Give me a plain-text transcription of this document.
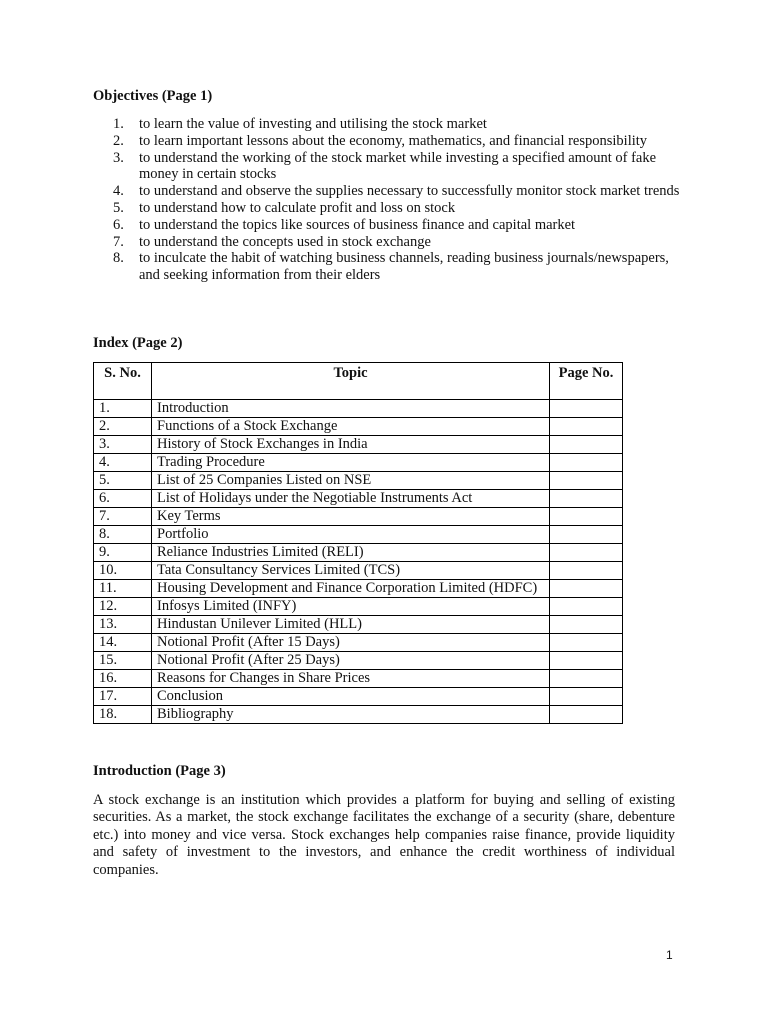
Objectives (Page 1)
1. to learn the value of investing and utilising the stock market
2. to learn important lessons about the economy, mathematics, and financial responsibility
3. to understand the working of the stock market while investing a specified amount of fake money in certain stocks
4. to understand and observe the supplies necessary to successfully monitor stock market trends
5. to understand how to calculate profit and loss on stock
6. to understand the topics like sources of business finance and capital market
7. to understand the concepts used in stock exchange
8. to inculcate the habit of watching business channels, reading business journals/newspapers, and seeking information from their elders
Index (Page 2)
S. No.	Topic	Page No.
1.	Introduction	
2.	Functions of a Stock Exchange	
3.	History of Stock Exchanges in India	
4.	Trading Procedure	
5.	List of 25 Companies Listed on NSE	
6.	List of Holidays under the Negotiable Instruments Act	
7.	Key Terms	
8.	Portfolio	
9.	Reliance Industries Limited (RELI)	
10.	Tata Consultancy Services Limited (TCS)	
11.	Housing Development and Finance Corporation Limited (HDFC)	
12.	Infosys Limited (INFY)	
13.	Hindustan Unilever Limited (HLL)	
14.	Notional Profit (After 15 Days)	
15.	Notional Profit (After 25 Days)	
16.	Reasons for Changes in Share Prices	
17.	Conclusion	
18.	Bibliography	
Introduction (Page 3)

A stock exchange is an institution which provides a platform for buying and selling of existing securities. As a market, the stock exchange facilitates the exchange of a security (share, debenture etc.) into money and vice versa. Stock exchanges help companies raise finance, provide liquidity and safety of investment to the investors, and enhance the credit worthiness of individual companies.

1
